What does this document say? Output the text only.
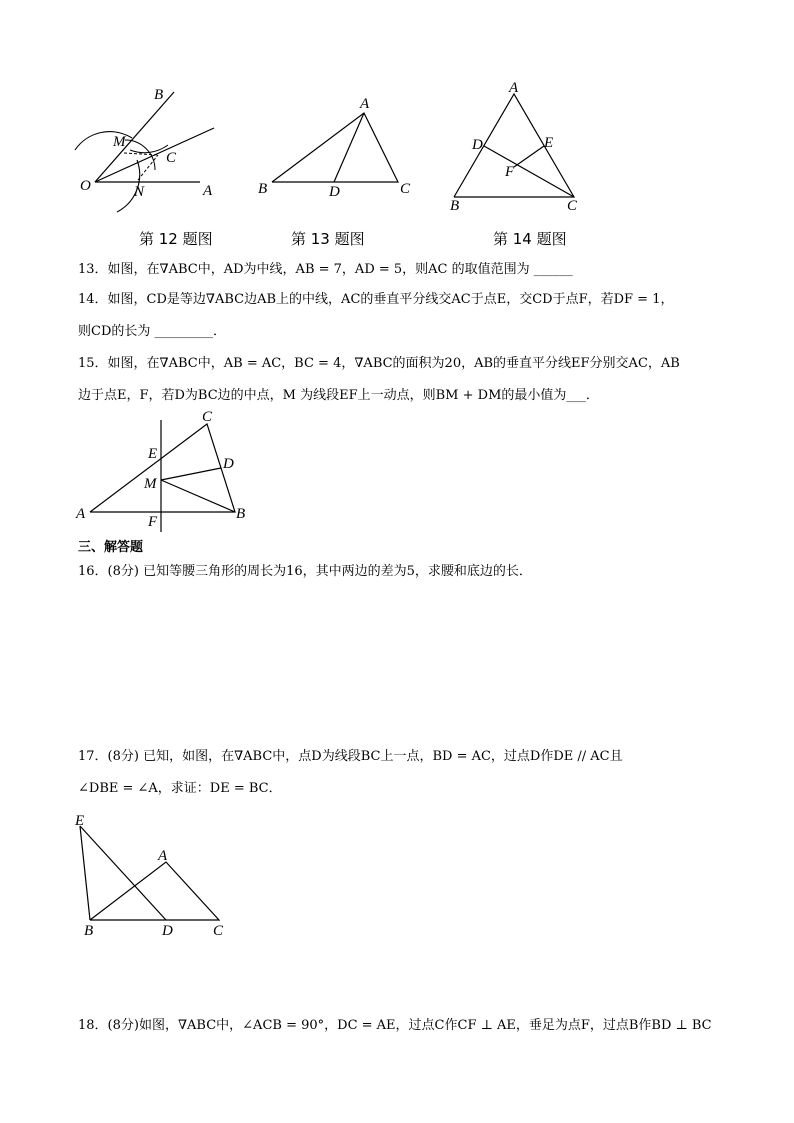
B
M
C
O	N	A
第 12 题图
A
B	D	C
第 13 题图
A
D	E
F
B	C
第 14 题图
13．如图，在∇ABC中，AD为中线，AB = 7，AD = 5，则AC 的取值范围为 ______
14．如图，CD是等边∇ABC边AB上的中线，AC的垂直平分线交AC于点E，交CD于点F，若DF = 1，
则CD的长为 _________．
15．如图，在∇ABC中，AB = AC，BC = 4，∇ABC的面积为20，AB的垂直平分线EF分别交AC，AB
边于点E，F，若D为BC边的中点，M 为线段EF上一动点，则BM + DM的最小值为___．
C
E
D
M
A	F	B
三、解答题
16．(8分) 已知等腰三角形的周长为16，其中两边的差为5，求腰和底边的长．
17．(8分) 已知，如图，在∇ABC中，点D为线段BC上一点，BD = AC，过点D作DE // AC且
∠DBE = ∠A，求证：DE = BC．
E
A
B	D	C
18．(8分)如图，∇ABC中，∠ACB = 90°，DC = AE，过点C作CF ⊥ AE，垂足为点F，过点B作BD ⊥ BC
